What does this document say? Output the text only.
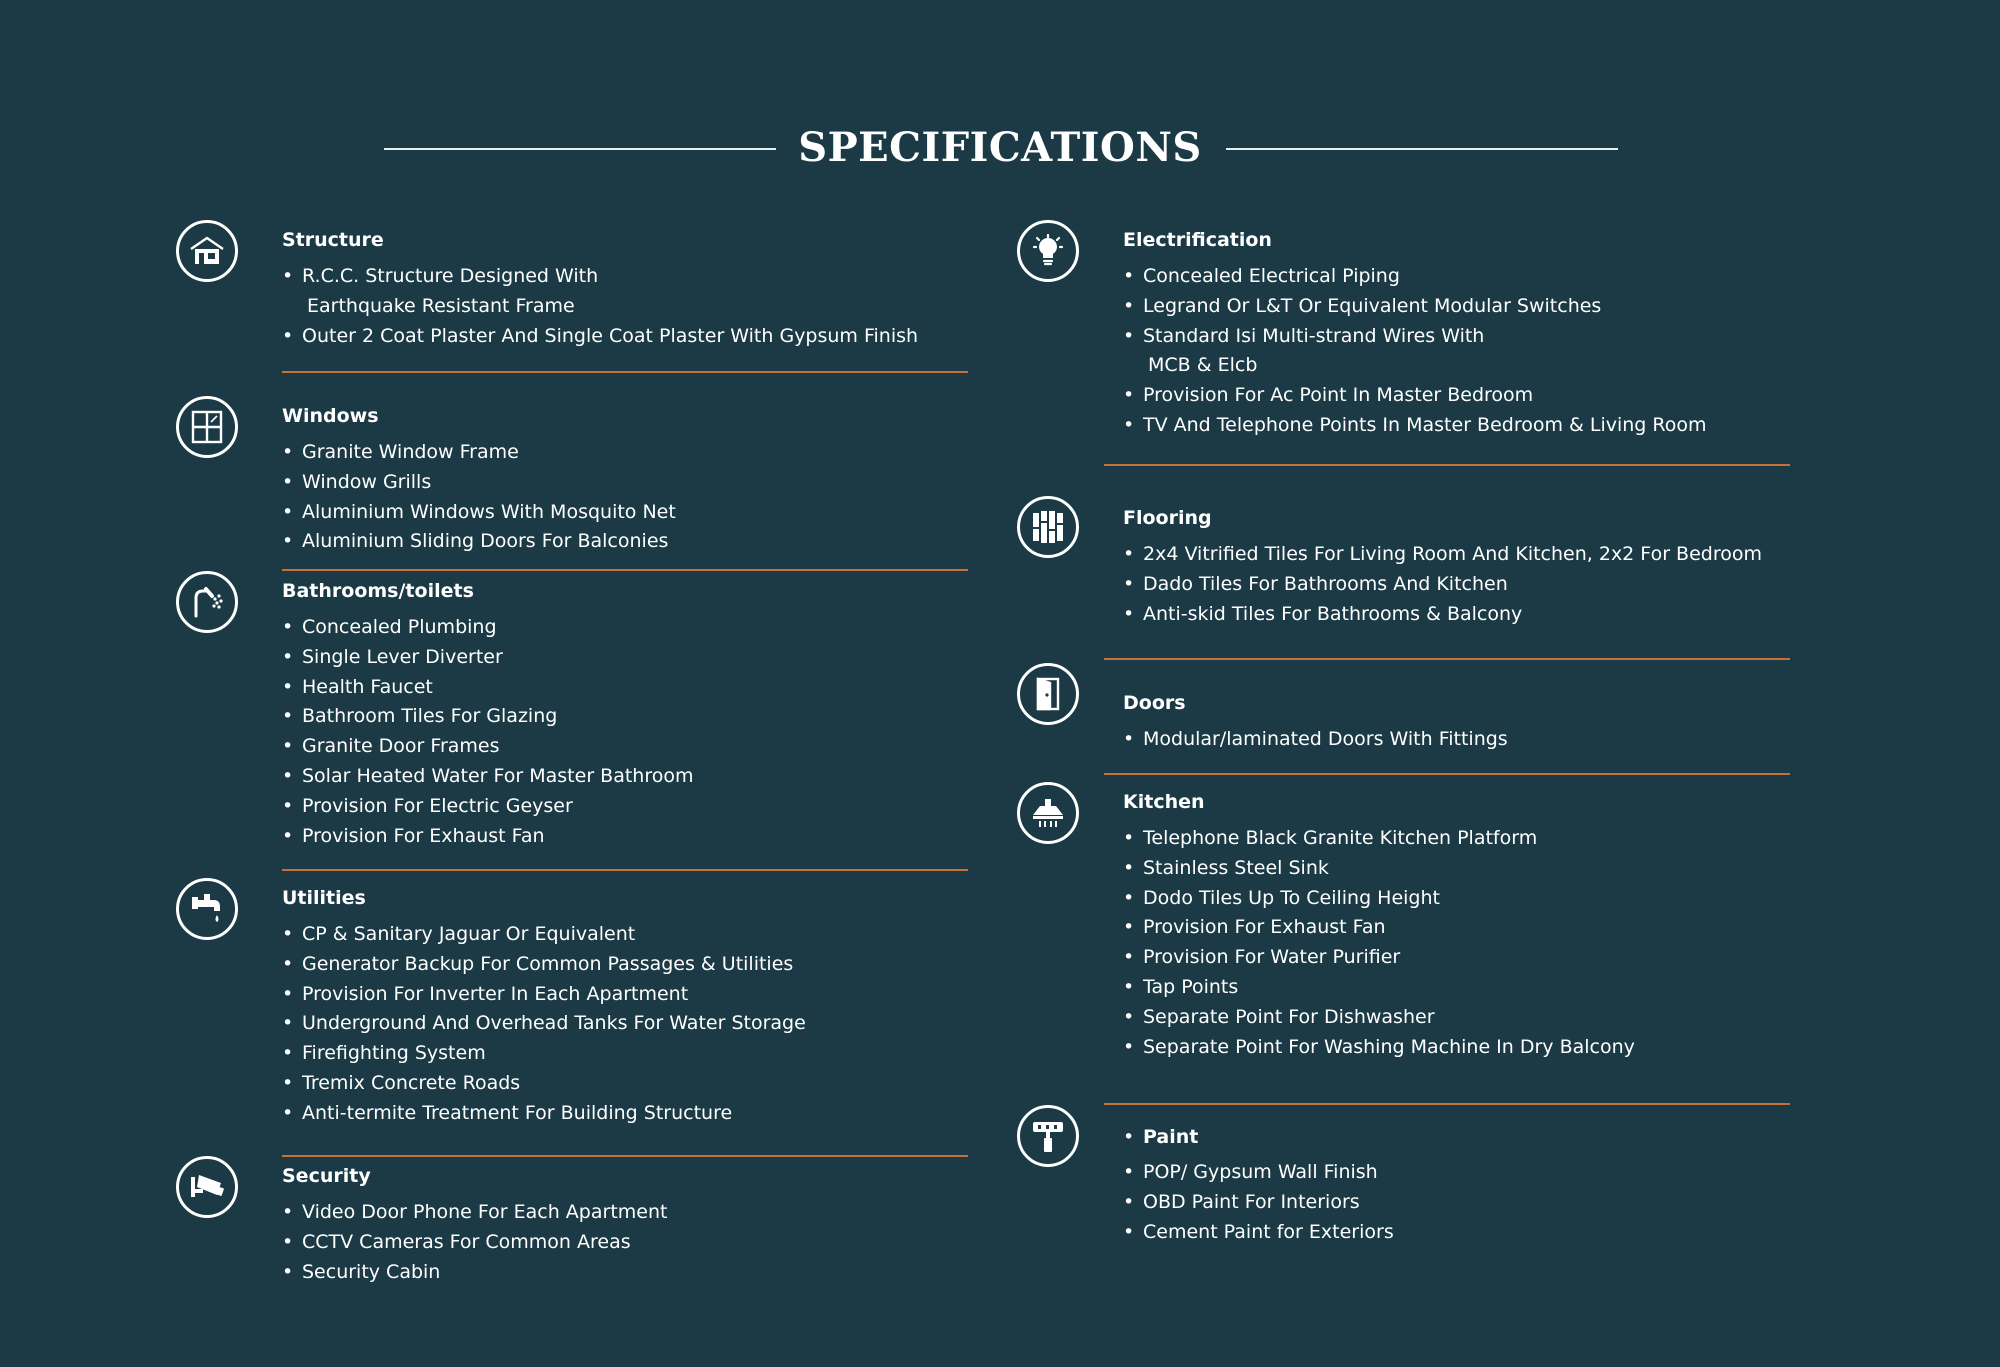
SPECIFICATIONS
Structure
• R.C.C. Structure Designed With
Earthquake Resistant Frame
• Outer 2 Coat Plaster And Single Coat Plaster With Gypsum Finish
Windows
• Granite Window Frame
• Window Grills
• Aluminium Windows With Mosquito Net
• Aluminium Sliding Doors For Balconies
Bathrooms/toilets
• Concealed Plumbing
• Single Lever Diverter
• Health Faucet
• Bathroom Tiles For Glazing
• Granite Door Frames
• Solar Heated Water For Master Bathroom
• Provision For Electric Geyser
• Provision For Exhaust Fan
Utilities
• CP & Sanitary Jaguar Or Equivalent
• Generator Backup For Common Passages & Utilities
• Provision For Inverter In Each Apartment
• Underground And Overhead Tanks For Water Storage
• Firefighting System
• Tremix Concrete Roads
• Anti-termite Treatment For Building Structure
Security
• Video Door Phone For Each Apartment
• CCTV Cameras For Common Areas
• Security Cabin
Electrification
• Concealed Electrical Piping
• Legrand Or L&T Or Equivalent Modular Switches
• Standard Isi Multi-strand Wires With
MCB & Elcb
• Provision For Ac Point In Master Bedroom
• TV And Telephone Points In Master Bedroom & Living Room
Flooring
• 2x4 Vitrified Tiles For Living Room And Kitchen, 2x2 For Bedroom
• Dado Tiles For Bathrooms And Kitchen
• Anti-skid Tiles For Bathrooms & Balcony
Doors
• Modular/laminated Doors With Fittings
Kitchen
• Telephone Black Granite Kitchen Platform
• Stainless Steel Sink
• Dodo Tiles Up To Ceiling Height
• Provision For Exhaust Fan
• Provision For Water Purifier
• Tap Points
• Separate Point For Dishwasher
• Separate Point For Washing Machine In Dry Balcony
• Paint
• POP/ Gypsum Wall Finish
• OBD Paint For Interiors
• Cement Paint for Exteriors
